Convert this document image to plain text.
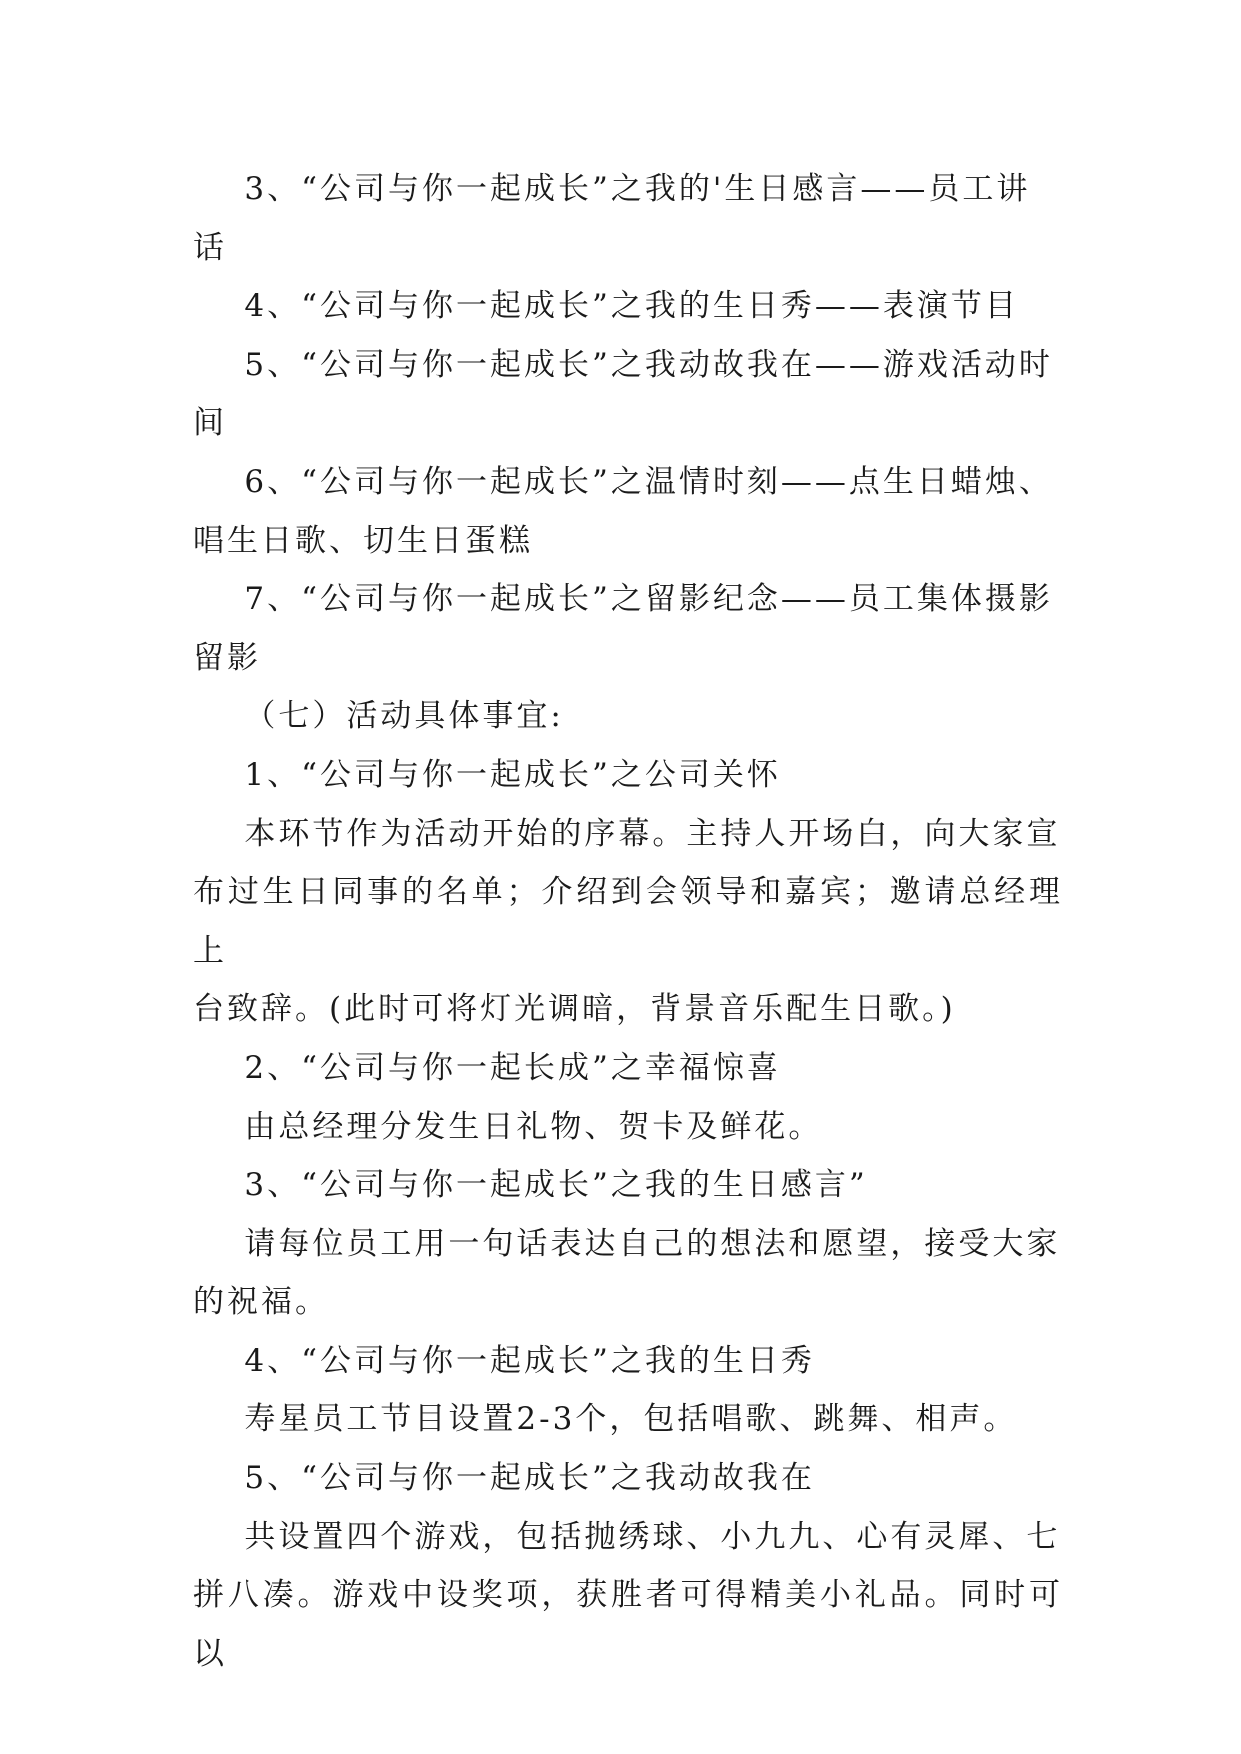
3、“公司与你一起成长”之我的'生日感言——员工讲

话

4、“公司与你一起成长”之我的生日秀——表演节目

5、“公司与你一起成长”之我动故我在——游戏活动时

间

6、“公司与你一起成长”之温情时刻——点生日蜡烛、

唱生日歌、切生日蛋糕

7、“公司与你一起成长”之留影纪念——员工集体摄影

留影

（七）活动具体事宜:

1、“公司与你一起成长”之公司关怀

本环节作为活动开始的序幕。主持人开场白，向大家宣

布过生日同事的名单；介绍到会领导和嘉宾；邀请总经理上

台致辞。(此时可将灯光调暗，背景音乐配生日歌。)

2、“公司与你一起长成”之幸福惊喜

由总经理分发生日礼物、贺卡及鲜花。

3、“公司与你一起成长”之我的生日感言”

请每位员工用一句话表达自己的想法和愿望，接受大家

的祝福。

4、“公司与你一起成长”之我的生日秀

寿星员工节目设置2-3个，包括唱歌、跳舞、相声。

5、“公司与你一起成长”之我动故我在

共设置四个游戏，包括抛绣球、小九九、心有灵犀、七

拼八凑。游戏中设奖项，获胜者可得精美小礼品。同时可以
